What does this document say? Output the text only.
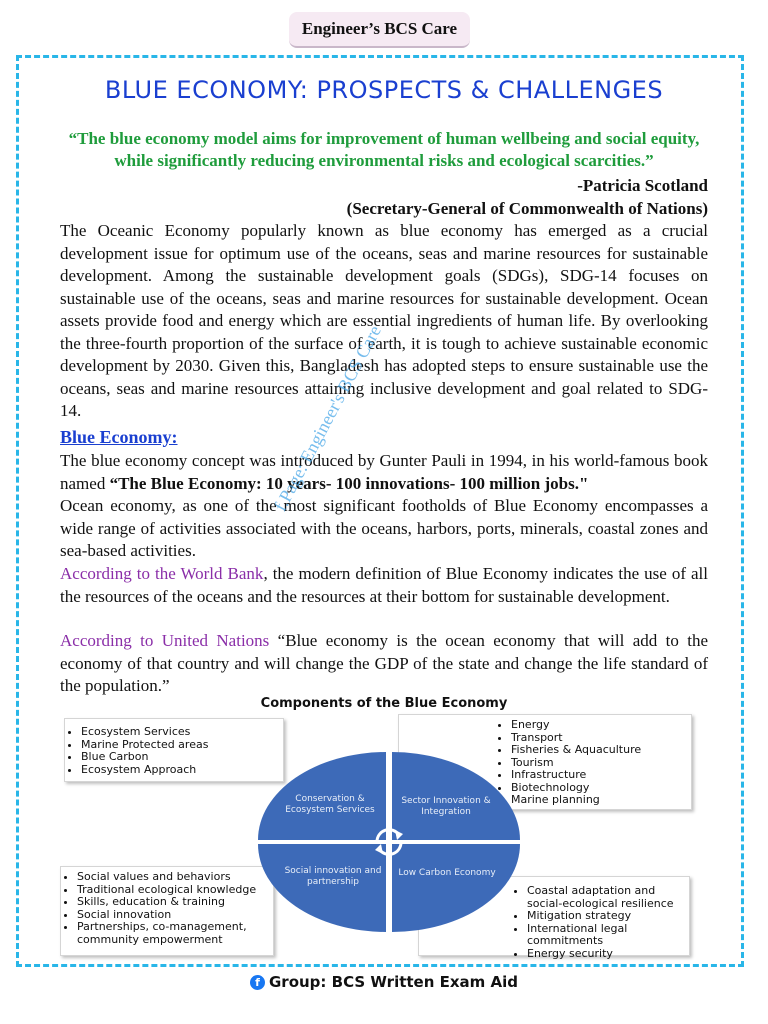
Engineer’s BCS Care
BLUE ECONOMY: PROSPECTS & CHALLENGES
“The blue economy model aims for improvement of human wellbeing and social equity, while significantly reducing environmental risks and ecological scarcities.”
-Patricia Scotland
(Secretary-General of Commonwealth of Nations)
The Oceanic Economy popularly known as blue economy has emerged as a crucial development issue for optimum use of the oceans, seas and marine resources for sustainable development. Among the sustainable development goals (SDGs), SDG-14 focuses on sustainable use of the oceans, seas and marine resources for sustainable development. Ocean assets provide food and energy which are essential ingredients of human life. By overlooking the three-fourth proportion of the surface of earth, it is tough to achieve sustainable economic development by 2030. Given this, Bangladesh has adopted steps to ensure sustainable use the oceans, seas and marine resources attaining inclusive development and goal related to SDG-14.
Blue Economy:
The blue economy concept was introduced by Gunter Pauli in 1994, in his world-famous book named “The Blue Economy: 10 years- 100 innovations- 100 million jobs."
Ocean economy, as one of the most significant footholds of Blue Economy encompasses a wide range of activities associated with the oceans, harbors, ports, minerals, coastal zones and sea-based activities.
According to the World Bank, the modern definition of Blue Economy indicates the use of all the resources of the oceans and the resources at their bottom for sustainable development.
According to United Nations “Blue economy is the ocean economy that will add to the economy of that country and will change the GDP of the state and change the life standard of the population.”
f.Page: Engineer's BCS Care
Components of the Blue Economy
• Ecosystem Services
• Marine Protected areas
• Blue Carbon
• Ecosystem Approach
• Energy
• Transport
• Fisheries & Aquaculture
• Tourism
• Infrastructure
• Biotechnology
• Marine planning
• Social values and behaviors
• Traditional ecological knowledge
• Skills, education & training
• Social innovation
• Partnerships, co-management, community empowerment
• Coastal adaptation and social-ecological resilience
• Mitigation strategy
• International legal commitments
• Energy security
Conservation & Ecosystem Services
Sector Innovation & Integration
Social innovation and partnership
Low Carbon Economy
f Group: BCS Written Exam Aid
